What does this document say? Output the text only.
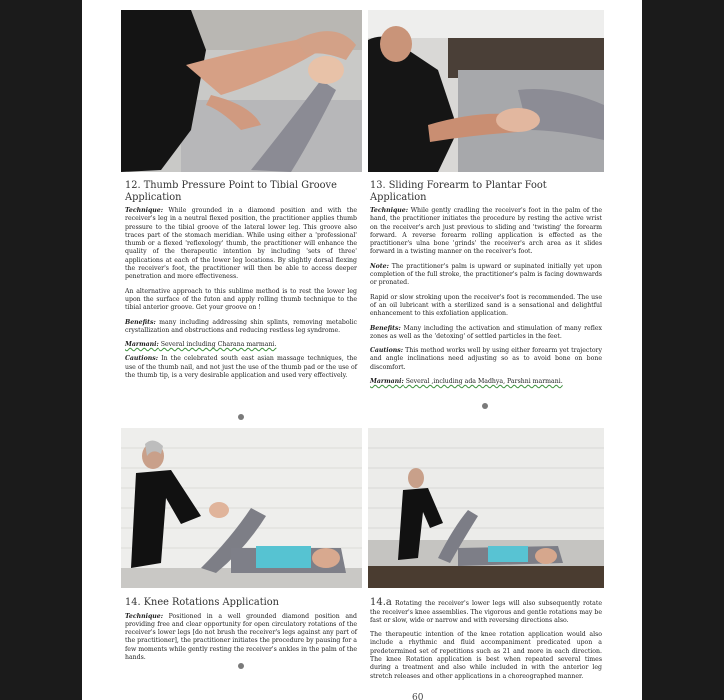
12. Thumb Pressure Point to Tibial Groove Application

Technique: While grounded in a diamond position and with the receiver's leg in a neutral flexed position, the practitioner applies thumb pressure to the tibial groove of the lateral lower leg. This groove also traces part of the stomach meridian. While using either a 'professional' thumb or a flexed 'reflexology' thumb, the practitioner will enhance the quality of the therapeutic intention by including 'sets of three' applications at each of the lower leg locations. By slightly dorsal flexing the receiver's foot, the practitioner will then be able to access deeper penetration and more effectiveness.

An alternative approach to this sublime method is to rest the lower leg upon the surface of the futon and apply rolling thumb technique to the tibial anterior groove. Get your groove on !

Benefits: many including addressing shin splints, removing metabolic crystallization and obstructions and reducing restless leg syndrome.

Marmani: Several including Charana marmani.

Cautions: In the celebrated south east asian massage techniques, the use of the thumb nail, and not just the use of the thumb pad or the use of the thumb tip, is a very desirable application and used very effectively.

13. Sliding Forearm to Plantar Foot Application

Technique: While gently cradling the receiver's foot in the palm of the hand, the practitioner initiates the procedure by resting the active wrist on the receiver's arch just previous to sliding and 'twisting' the forearm forward. A reverse forearm rolling application is effected as the practitioner's ulna bone 'grinds' the receiver's arch area as it slides forward in a twisting manner on the receiver's foot.

Note: The practitioner's palm is upward or supinated initially yet upon completion of the full stroke, the practitioner's palm is facing downwards or pronated.

Rapid or slow stroking upon the receiver's foot is recommended. The use of an oil lubricant with a sterilized sand is a sensational and delightful enhancement to this exfoliation application.

Benefits: Many including the activation and stimulation of many reflex zones as well as the 'detoxing' of settled particles in the feet.

Cautions: This method works well by using either forearm yet trajectory and angle inclinations need adjusting so as to avoid bone on bone discomfort.

Marmani: Several ,including ada Madhya, Parshni marmani.

14. Knee Rotations Application

Technique: Positioned in a well grounded diamond position and providing free and clear opportunity for open circulatory rotations of the receiver's lower legs [do not brush the receiver's legs against any part of the practitioner], the practitioner initiates the procedure by pausing for a few moments while gently resting the receiver's ankles in the palm of the hands.

14.a Rotating the receiver's lower legs will also subsequently rotate the receiver's knee assemblies. The vigorous and gentle rotations may be fast or slow, wide or narrow and with reversing directions also.

The therapeutic intention of the knee rotation application would also include a rhythmic and fluid accompaniment predicated upon a predetermined set of repetitions such as 21 and more in each direction. The knee Rotation application is best when repeated several times during a treatment and also while included in with the anterior leg stretch releases and other applications in a choreographed manner.

60
